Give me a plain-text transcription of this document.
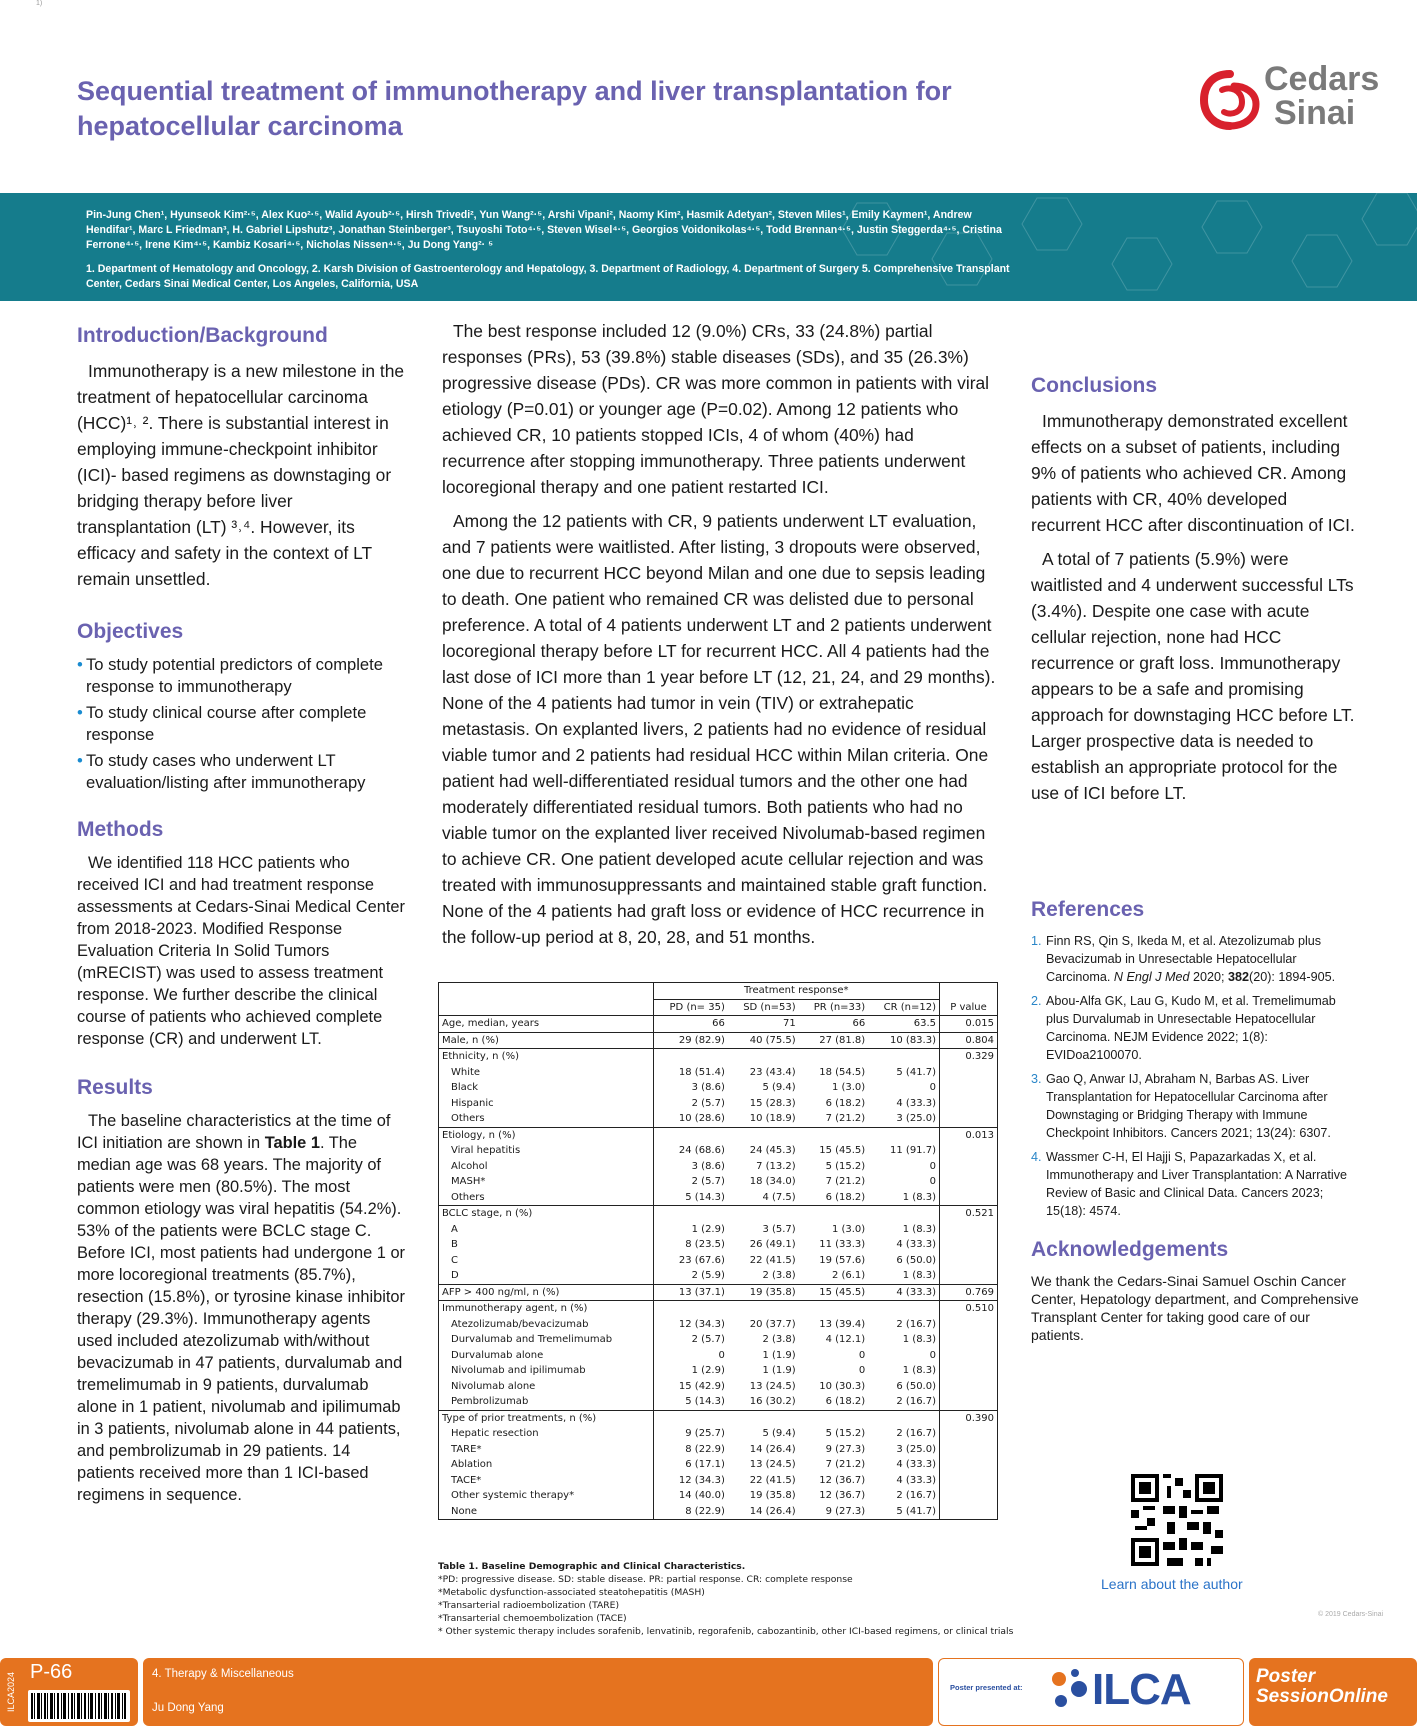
1)
Sequential treatment of immunotherapy and liver transplantation for hepatocellular carcinoma
Cedars
Sinai
Pin-Jung Chen¹, Hyunseok Kim²·⁵, Alex Kuo²·⁵, Walid Ayoub²·⁵, Hirsh Trivedi², Yun Wang²·⁵, Arshi Vipani², Naomy Kim², Hasmik Adetyan², Steven Miles¹, Emily Kaymen¹, Andrew Hendifar¹, Marc L Friedman³, H. Gabriel Lipshutz³, Jonathan Steinberger³, Tsuyoshi Toto⁴·⁵, Steven Wisel⁴·⁵, Georgios Voidonikolas⁴·⁵, Todd Brennan⁴·⁵, Justin Steggerda⁴·⁵, Cristina Ferrone⁴·⁵, Irene Kim⁴·⁵, Kambiz Kosari⁴·⁵, Nicholas Nissen⁴·⁵, Ju Dong Yang²· ⁵
1. Department of Hematology and Oncology, 2. Karsh Division of Gastroenterology and Hepatology, 3. Department of Radiology, 4. Department of Surgery 5. Comprehensive Transplant Center, Cedars Sinai Medical Center, Los Angeles, California, USA
Introduction/Background

Immunotherapy is a new milestone in the treatment of hepatocellular carcinoma (HCC)¹˒ ². There is substantial interest in employing immune-checkpoint inhibitor (ICI)- based regimens as downstaging or bridging therapy before liver transplantation (LT) ³˒⁴. However, its efficacy and safety in the context of LT remain unsettled.

Objectives
• To study potential predictors of complete response to immunotherapy
• To study clinical course after complete response
• To study cases who underwent LT evaluation/listing after immunotherapy
Methods

We identified 118 HCC patients who received ICI and had treatment response assessments at Cedars-Sinai Medical Center from 2018-2023. Modified Response Evaluation Criteria In Solid Tumors (mRECIST) was used to assess treatment response. We further describe the clinical course of patients who achieved complete response (CR) and underwent LT.

Results

The baseline characteristics at the time of ICI initiation are shown in Table 1. The median age was 68 years. The majority of patients were men (80.5%). The most common etiology was viral hepatitis (54.2%). 53% of the patients were BCLC stage C. Before ICI, most patients had undergone 1 or more locoregional treatments (85.7%), resection (15.8%), or tyrosine kinase inhibitor therapy (29.3%). Immunotherapy agents used included atezolizumab with/without bevacizumab in 47 patients, durvalumab and tremelimumab in 9 patients, durvalumab alone in 1 patient, nivolumab and ipilimumab in 3 patients, nivolumab alone in 44 patients, and pembrolizumab in 29 patients. 14 patients received more than 1 ICI-based regimens in sequence.

The best response included 12 (9.0%) CRs, 33 (24.8%) partial responses (PRs), 53 (39.8%) stable diseases (SDs), and 35 (26.3%) progressive disease (PDs). CR was more common in patients with viral etiology (P=0.01) or younger age (P=0.02). Among 12 patients who achieved CR, 10 patients stopped ICIs, 4 of whom (40%) had recurrence after stopping immunotherapy. Three patients underwent locoregional therapy and one patient restarted ICI.

Among the 12 patients with CR, 9 patients underwent LT evaluation, and 7 patients were waitlisted. After listing, 3 dropouts were observed, one due to recurrent HCC beyond Milan and one due to sepsis leading to death. One patient who remained CR was delisted due to personal preference. A total of 4 patients underwent LT and 2 patients underwent locoregional therapy before LT for recurrent HCC. All 4 patients had the last dose of ICI more than 1 year before LT (12, 21, 24, and 29 months). None of the 4 patients had tumor in vein (TIV) or extrahepatic metastasis. On explanted livers, 2 patients had no evidence of residual viable tumor and 2 patients had residual HCC within Milan criteria. One patient had well-differentiated residual tumors and the other one had moderately differentiated residual tumors. Both patients who had no viable tumor on the explanted liver received Nivolumab-based regimen to achieve CR. One patient developed acute cellular rejection and was treated with immunosuppressants and maintained stable graft function. None of the 4 patients had graft loss or evidence of HCC recurrence in the follow-up period at 8, 20, 28, and 51 months.

	Treatment response*				P value
	PD (n= 35)	SD (n=53)	PR (n=33)	CR (n=12)	
Age, median, years	66	71	66	63.5	0.015
Male, n (%)	29 (82.9)	40 (75.5)	27 (81.8)	10 (83.3)	0.804
Ethnicity, n (%)					0.329
White	18 (51.4)	23 (43.4)	18 (54.5)	5 (41.7)	
Black	3 (8.6)	5 (9.4)	1 (3.0)	0	
Hispanic	2 (5.7)	15 (28.3)	6 (18.2)	4 (33.3)	
Others	10 (28.6)	10 (18.9)	7 (21.2)	3 (25.0)	
Etiology, n (%)					0.013
Viral hepatitis	24 (68.6)	24 (45.3)	15 (45.5)	11 (91.7)	
Alcohol	3 (8.6)	7 (13.2)	5 (15.2)	0	
MASH*	2 (5.7)	18 (34.0)	7 (21.2)	0	
Others	5 (14.3)	4 (7.5)	6 (18.2)	1 (8.3)	
BCLC stage, n (%)					0.521
A	1 (2.9)	3 (5.7)	1 (3.0)	1 (8.3)	
B	8 (23.5)	26 (49.1)	11 (33.3)	4 (33.3)	
C	23 (67.6)	22 (41.5)	19 (57.6)	6 (50.0)	
D	2 (5.9)	2 (3.8)	2 (6.1)	1 (8.3)	
AFP > 400 ng/ml, n (%)	13 (37.1)	19 (35.8)	15 (45.5)	4 (33.3)	0.769
Immunotherapy agent, n (%)					0.510
Atezolizumab/bevacizumab	12 (34.3)	20 (37.7)	13 (39.4)	2 (16.7)	
Durvalumab and Tremelimumab	2 (5.7)	2 (3.8)	4 (12.1)	1 (8.3)	
Durvalumab alone	0	1 (1.9)	0	0	
Nivolumab and ipilimumab	1 (2.9)	1 (1.9)	0	1 (8.3)	
Nivolumab alone	15 (42.9)	13 (24.5)	10 (30.3)	6 (50.0)	
Pembrolizumab	5 (14.3)	16 (30.2)	6 (18.2)	2 (16.7)	
Type of prior treatments, n (%)					0.390
Hepatic resection	9 (25.7)	5 (9.4)	5 (15.2)	2 (16.7)	
TARE*	8 (22.9)	14 (26.4)	9 (27.3)	3 (25.0)	
Ablation	6 (17.1)	13 (24.5)	7 (21.2)	4 (33.3)	
TACE*	12 (34.3)	22 (41.5)	12 (36.7)	4 (33.3)	
Other systemic therapy*	14 (40.0)	19 (35.8)	12 (36.7)	2 (16.7)	
None	8 (22.9)	14 (26.4)	9 (27.3)	5 (41.7)	
Table 1. Baseline Demographic and Clinical Characteristics.
*PD: progressive disease. SD: stable disease. PR: partial response. CR: complete response
*Metabolic dysfunction-associated steatohepatitis (MASH)
*Transarterial radioembolization (TARE)
*Transarterial chemoembolization (TACE)
* Other systemic therapy includes sorafenib, lenvatinib, regorafenib, cabozantinib, other ICI-based regimens, or clinical trials
Conclusions

Immunotherapy demonstrated excellent effects on a subset of patients, including 9% of patients who achieved CR. Among patients with CR, 40% developed recurrent HCC after discontinuation of ICI.

A total of 7 patients (5.9%) were waitlisted and 4 underwent successful LTs (3.4%). Despite one case with acute cellular rejection, none had HCC recurrence or graft loss. Immunotherapy appears to be a safe and promising approach for downstaging HCC before LT. Larger prospective data is needed to establish an appropriate protocol for the use of ICI before LT.

References
1. Finn RS, Qin S, Ikeda M, et al. Atezolizumab plus Bevacizumab in Unresectable Hepatocellular Carcinoma. N Engl J Med 2020; 382(20): 1894-905.
2. Abou-Alfa GK, Lau G, Kudo M, et al. Tremelimumab plus Durvalumab in Unresectable Hepatocellular Carcinoma. NEJM Evidence 2022; 1(8): EVIDoa2100070.
3. Gao Q, Anwar IJ, Abraham N, Barbas AS. Liver Transplantation for Hepatocellular Carcinoma after Downstaging or Bridging Therapy with Immune Checkpoint Inhibitors. Cancers 2021; 13(24): 6307.
4. Wassmer C-H, El Hajji S, Papazarkadas X, et al. Immunotherapy and Liver Transplantation: A Narrative Review of Basic and Clinical Data. Cancers 2023; 15(18): 4574.
Acknowledgements

We thank the Cedars-Sinai Samuel Oschin Cancer Center, Hepatology department, and Comprehensive Transplant Center for taking good care of our patients.

Learn about the author
© 2019 Cedars-Sinai
ILCA2024 P-66	4. Therapy & Miscellaneous
Ju Dong Yang
Poster presented at: ILCA	Poster
SessionOnline
